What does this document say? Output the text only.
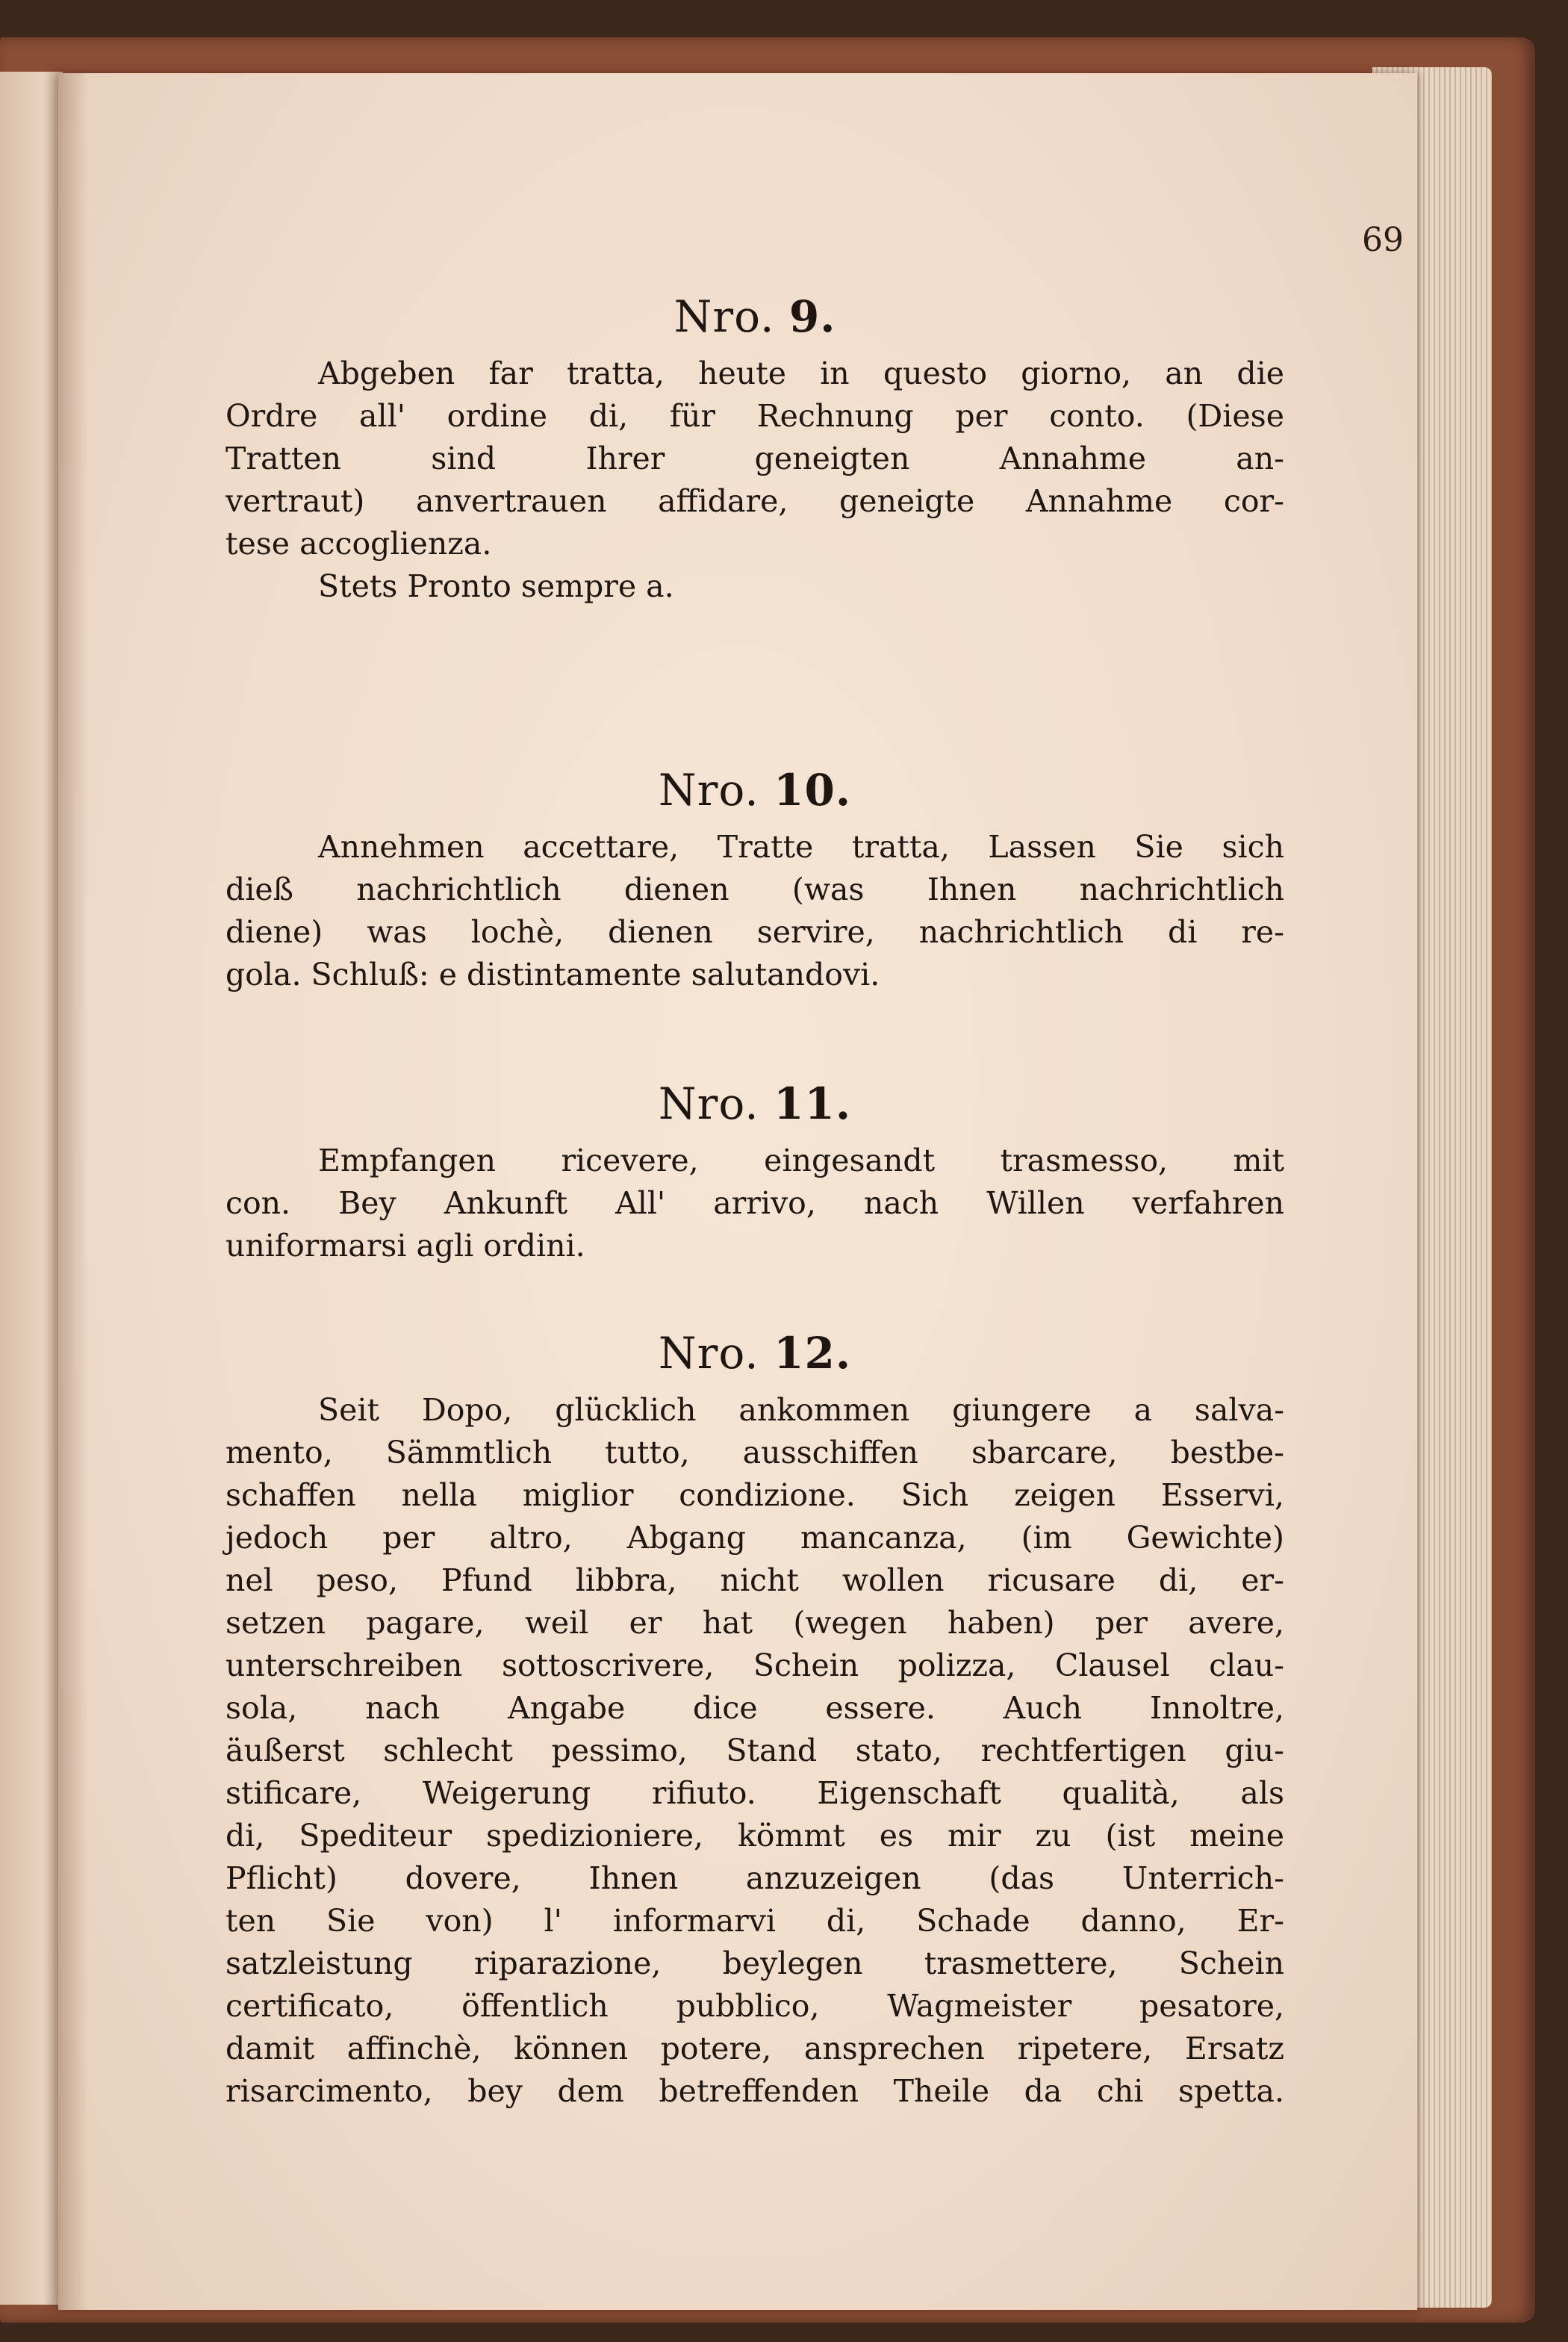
69
Nro. 9.
Abgeben far tratta, heute in questo giorno, an die
Ordre all' ordine di, für Rechnung per conto. (Diese
Tratten sind Ihrer geneigten Annahme an-
vertraut) anvertrauen affidare, geneigte Annahme cor-
tese accoglienza.
Stets Pronto sempre a.
Nro. 10.
Annehmen accettare, Tratte tratta, Lassen Sie sich
dieß nachrichtlich dienen (was Ihnen nachrichtlich
diene) was lochè, dienen servire, nachrichtlich di re-
gola. Schluß: e distintamente salutandovi.
Nro. 11.
Empfangen ricevere, eingesandt trasmesso, mit
con. Bey Ankunft All' arrivo, nach Willen verfahren
uniformarsi agli ordini.
Nro. 12.
Seit Dopo, glücklich ankommen giungere a salva-
mento, Sämmtlich tutto, ausschiffen sbarcare, bestbe-
schaffen nella miglior condizione. Sich zeigen Esservi,
jedoch per altro, Abgang mancanza, (im Gewichte)
nel peso, Pfund libbra, nicht wollen ricusare di, er-
setzen pagare, weil er hat (wegen haben) per avere,
unterschreiben sottoscrivere, Schein polizza, Clausel clau-
sola, nach Angabe dice essere. Auch Innoltre,
äußerst schlecht pessimo, Stand stato, rechtfertigen giu-
stificare, Weigerung rifiuto. Eigenschaft qualità, als
di, Spediteur spedizioniere, kömmt es mir zu (ist meine
Pflicht) dovere, Ihnen anzuzeigen (das Unterrich-
ten Sie von) l' informarvi di, Schade danno, Er-
satzleistung riparazione, beylegen trasmettere, Schein
certificato, öffentlich pubblico, Wagmeister pesatore,
damit affinchè, können potere, ansprechen ripetere, Ersatz
risarcimento, bey dem betreffenden Theile da chi spetta.
